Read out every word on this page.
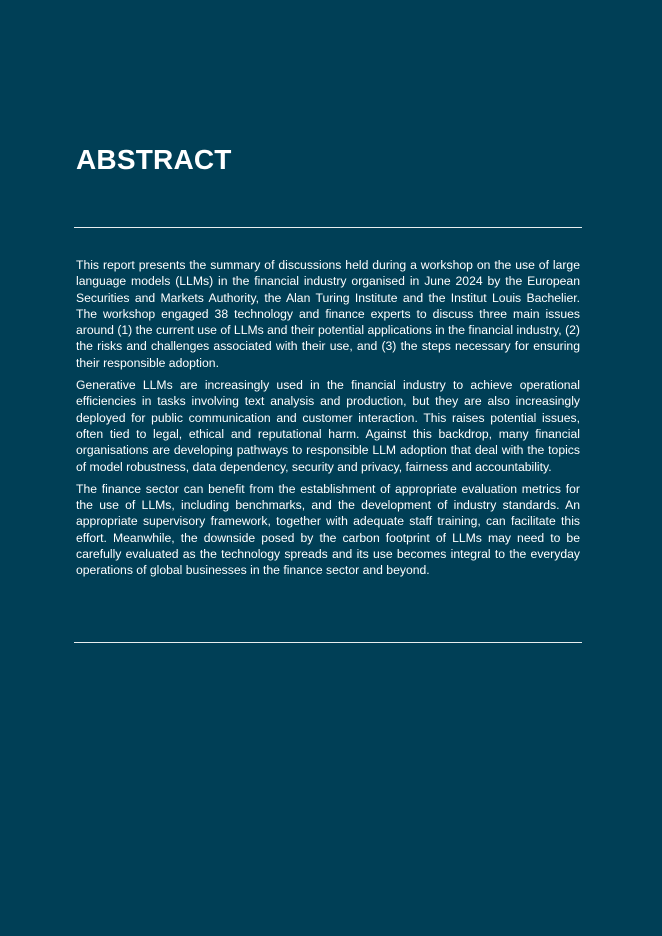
ABSTRACT

This report presents the summary of discussions held during a workshop on the use of large language models (LLMs) in the financial industry organised in June 2024 by the European Securities and Markets Authority, the Alan Turing Institute and the Institut Louis Bachelier. The workshop engaged 38 technology and finance experts to discuss three main issues around (1) the current use of LLMs and their potential applications in the financial industry, (2) the risks and challenges associated with their use, and (3) the steps necessary for ensuring their responsible adoption.

Generative LLMs are increasingly used in the financial industry to achieve operational efficiencies in tasks involving text analysis and production, but they are also increasingly deployed for public communication and customer interaction. This raises potential issues, often tied to legal, ethical and reputational harm. Against this backdrop, many financial organisations are developing pathways to responsible LLM adoption that deal with the topics of model robustness, data dependency, security and privacy, fairness and accountability.

The finance sector can benefit from the establishment of appropriate evaluation metrics for the use of LLMs, including benchmarks, and the development of industry standards. An appropriate supervisory framework, together with adequate staff training, can facilitate this effort. Meanwhile, the downside posed by the carbon footprint of LLMs may need to be carefully evaluated as the technology spreads and its use becomes integral to the everyday operations of global businesses in the finance sector and beyond.
